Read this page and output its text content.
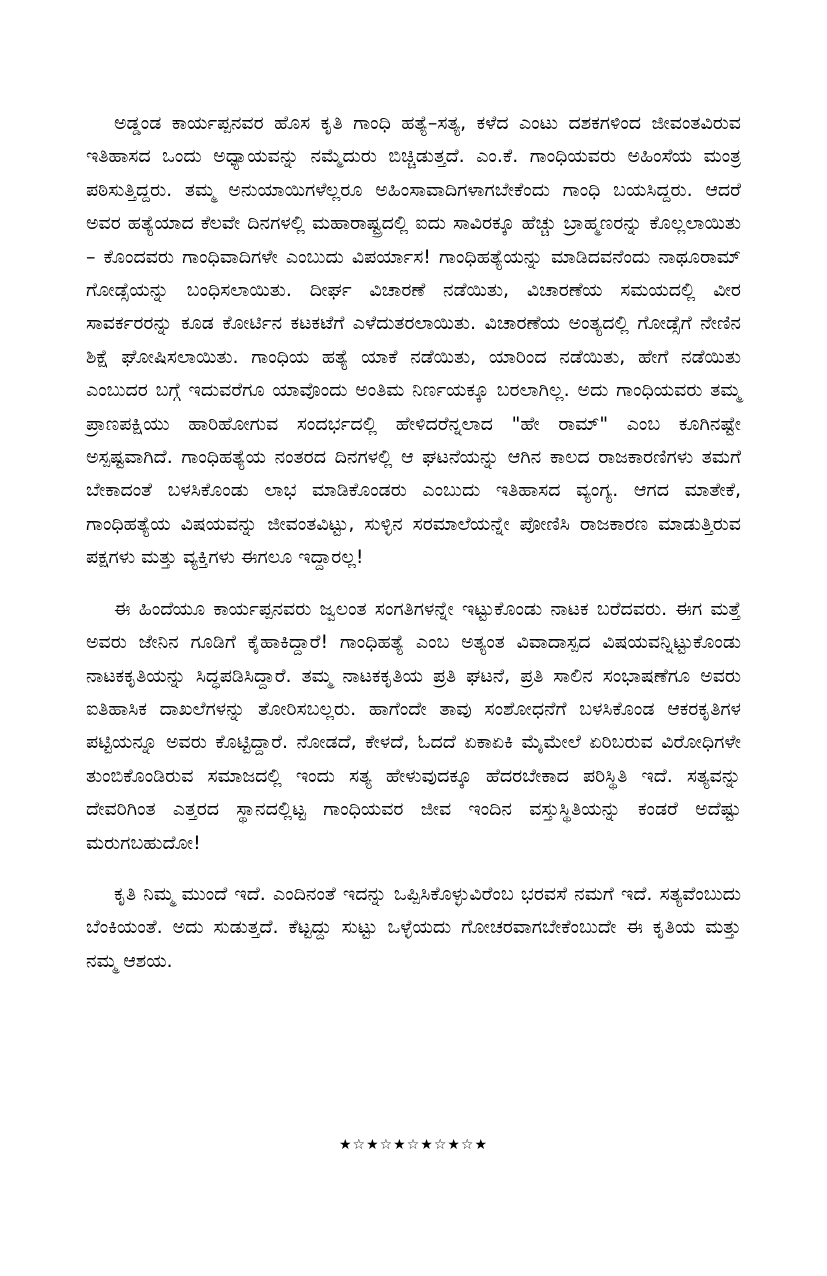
ಅಡ್ಡಂಡ ಕಾರ್ಯಪ್ಪನವರ ಹೊಸ ಕೃತಿ ಗಾಂಧಿ ಹತ್ಯೆ–ಸತ್ಯ, ಕಳೆದ ಎಂಟು ದಶಕಗಳಿಂದ ಜೀವಂತವಿರುವ ಇತಿಹಾಸದ ಒಂದು ಅಧ್ಯಾಯವನ್ನು ನಮ್ಮೆದುರು ಬಿಚ್ಚಿಡುತ್ತದೆ. ಎಂ.ಕೆ. ಗಾಂಧಿಯವರು ಅಹಿಂಸೆಯ ಮಂತ್ರ ಪಠಿಸುತ್ತಿದ್ದರು. ತಮ್ಮ ಅನುಯಾಯಿಗಳೆಲ್ಲರೂ ಅಹಿಂಸಾವಾದಿಗಳಾಗಬೇಕೆಂದು ಗಾಂಧಿ ಬಯಸಿದ್ದರು. ಆದರೆ ಅವರ ಹತ್ಯೆಯಾದ ಕೆಲವೇ ದಿನಗಳಲ್ಲಿ ಮಹಾರಾಷ್ಟ್ರದಲ್ಲಿ ಐದು ಸಾವಿರಕ್ಕೂ ಹೆಚ್ಚು ಬ್ರಾಹ್ಮಣರನ್ನು ಕೊಲ್ಲಲಾಯಿತು – ಕೊಂದವರು ಗಾಂಧಿವಾದಿಗಳೇ ಎಂಬುದು ವಿಪರ್ಯಾಸ! ಗಾಂಧಿಹತ್ಯೆಯನ್ನು ಮಾಡಿದವನೆಂದು ನಾಥೂರಾಮ್ ಗೋಡ್ಸೆಯನ್ನು ಬಂಧಿಸಲಾಯಿತು. ದೀರ್ಘ ವಿಚಾರಣೆ ನಡೆಯಿತು, ವಿಚಾರಣೆಯ ಸಮಯದಲ್ಲಿ ವೀರ ಸಾವರ್ಕರರನ್ನು ಕೂಡ ಕೋರ್ಟಿನ ಕಟಕಟೆಗೆ ಎಳೆದುತರಲಾಯಿತು. ವಿಚಾರಣೆಯ ಅಂತ್ಯದಲ್ಲಿ ಗೋಡ್ಸೆಗೆ ನೇಣಿನ ಶಿಕ್ಷೆ ಘೋಷಿಸಲಾಯಿತು. ಗಾಂಧಿಯ ಹತ್ಯೆ ಯಾಕೆ ನಡೆಯಿತು, ಯಾರಿಂದ ನಡೆಯಿತು, ಹೇಗೆ ನಡೆಯಿತು ಎಂಬುದರ ಬಗ್ಗೆ ಇದುವರೆಗೂ ಯಾವೊಂದು ಅಂತಿಮ ನಿರ್ಣಯಕ್ಕೂ ಬರಲಾಗಿಲ್ಲ. ಅದು ಗಾಂಧಿಯವರು ತಮ್ಮ ಪ್ರಾಣಪಕ್ಷಿಯು ಹಾರಿಹೋಗುವ ಸಂದರ್ಭದಲ್ಲಿ ಹೇಳಿದರೆನ್ನಲಾದ "ಹೇ ರಾಮ್" ಎಂಬ ಕೂಗಿನಷ್ಟೇ ಅಸ್ಪಷ್ಟವಾಗಿದೆ. ಗಾಂಧಿಹತ್ಯೆಯ ನಂತರದ ದಿನಗಳಲ್ಲಿ ಆ ಘಟನೆಯನ್ನು ಆಗಿನ ಕಾಲದ ರಾಜಕಾರಣಿಗಳು ತಮಗೆ ಬೇಕಾದಂತೆ ಬಳಸಿಕೊಂಡು ಲಾಭ ಮಾಡಿಕೊಂಡರು ಎಂಬುದು ಇತಿಹಾಸದ ವ್ಯಂಗ್ಯ. ಆಗದ ಮಾತೇಕೆ, ಗಾಂಧಿಹತ್ಯೆಯ ವಿಷಯವನ್ನು ಜೀವಂತವಿಟ್ಟು, ಸುಳ್ಳಿನ ಸರಮಾಲೆಯನ್ನೇ ಪೋಣಿಸಿ ರಾಜಕಾರಣ ಮಾಡುತ್ತಿರುವ ಪಕ್ಷಗಳು ಮತ್ತು ವ್ಯಕ್ತಿಗಳು ಈಗಲೂ ಇದ್ದಾರಲ್ಲ!

ಈ ಹಿಂದೆಯೂ ಕಾರ್ಯಪ್ಪನವರು ಜ್ವಲಂತ ಸಂಗತಿಗಳನ್ನೇ ಇಟ್ಟುಕೊಂಡು ನಾಟಕ ಬರೆದವರು. ಈಗ ಮತ್ತೆ ಅವರು ಜೇನಿನ ಗೂಡಿಗೆ ಕೈಹಾಕಿದ್ದಾರೆ! ಗಾಂಧಿಹತ್ಯೆ ಎಂಬ ಅತ್ಯಂತ ವಿವಾದಾಸ್ಪದ ವಿಷಯವನ್ನಿಟ್ಟುಕೊಂಡು ನಾಟಕಕೃತಿಯನ್ನು ಸಿದ್ಧಪಡಿಸಿದ್ದಾರೆ. ತಮ್ಮ ನಾಟಕಕೃತಿಯ ಪ್ರತಿ ಘಟನೆ, ಪ್ರತಿ ಸಾಲಿನ ಸಂಭಾಷಣೆಗೂ ಅವರು ಐತಿಹಾಸಿಕ ದಾಖಲೆಗಳನ್ನು ತೋರಿಸಬಲ್ಲರು. ಹಾಗೆಂದೇ ತಾವು ಸಂಶೋಧನೆಗೆ ಬಳಸಿಕೊಂಡ ಆಕರಕೃತಿಗಳ ಪಟ್ಟಿಯನ್ನೂ ಅವರು ಕೊಟ್ಟಿದ್ದಾರೆ. ನೋಡದೆ, ಕೇಳದೆ, ಓದದೆ ಏಕಾಏಕಿ ಮೈಮೇಲೆ ಏರಿಬರುವ ವಿರೋಧಿಗಳೇ ತುಂಬಿಕೊಂಡಿರುವ ಸಮಾಜದಲ್ಲಿ ಇಂದು ಸತ್ಯ ಹೇಳುವುದಕ್ಕೂ ಹೆದರಬೇಕಾದ ಪರಿಸ್ಥಿತಿ ಇದೆ. ಸತ್ಯವನ್ನು ದೇವರಿಗಿಂತ ಎತ್ತರದ ಸ್ಥಾನದಲ್ಲಿಟ್ಟ ಗಾಂಧಿಯವರ ಜೀವ ಇಂದಿನ ವಸ್ತುಸ್ಥಿತಿಯನ್ನು ಕಂಡರೆ ಅದೆಷ್ಟು ಮರುಗಬಹುದೋ!

ಕೃತಿ ನಿಮ್ಮ ಮುಂದೆ ಇದೆ. ಎಂದಿನಂತೆ ಇದನ್ನು ಒಪ್ಪಿಸಿಕೊಳ್ಳುವಿರೆಂಬ ಭರವಸೆ ನಮಗೆ ಇದೆ. ಸತ್ಯವೆಂಬುದು ಬೆಂಕಿಯಂತೆ. ಅದು ಸುಡುತ್ತದೆ. ಕೆಟ್ಟದ್ದು ಸುಟ್ಟು ಒಳ್ಳೆಯದು ಗೋಚರವಾಗಬೇಕೆಂಬುದೇ ಈ ಕೃತಿಯ ಮತ್ತು ನಮ್ಮ ಆಶಯ.

★☆★☆★☆★☆★☆★
